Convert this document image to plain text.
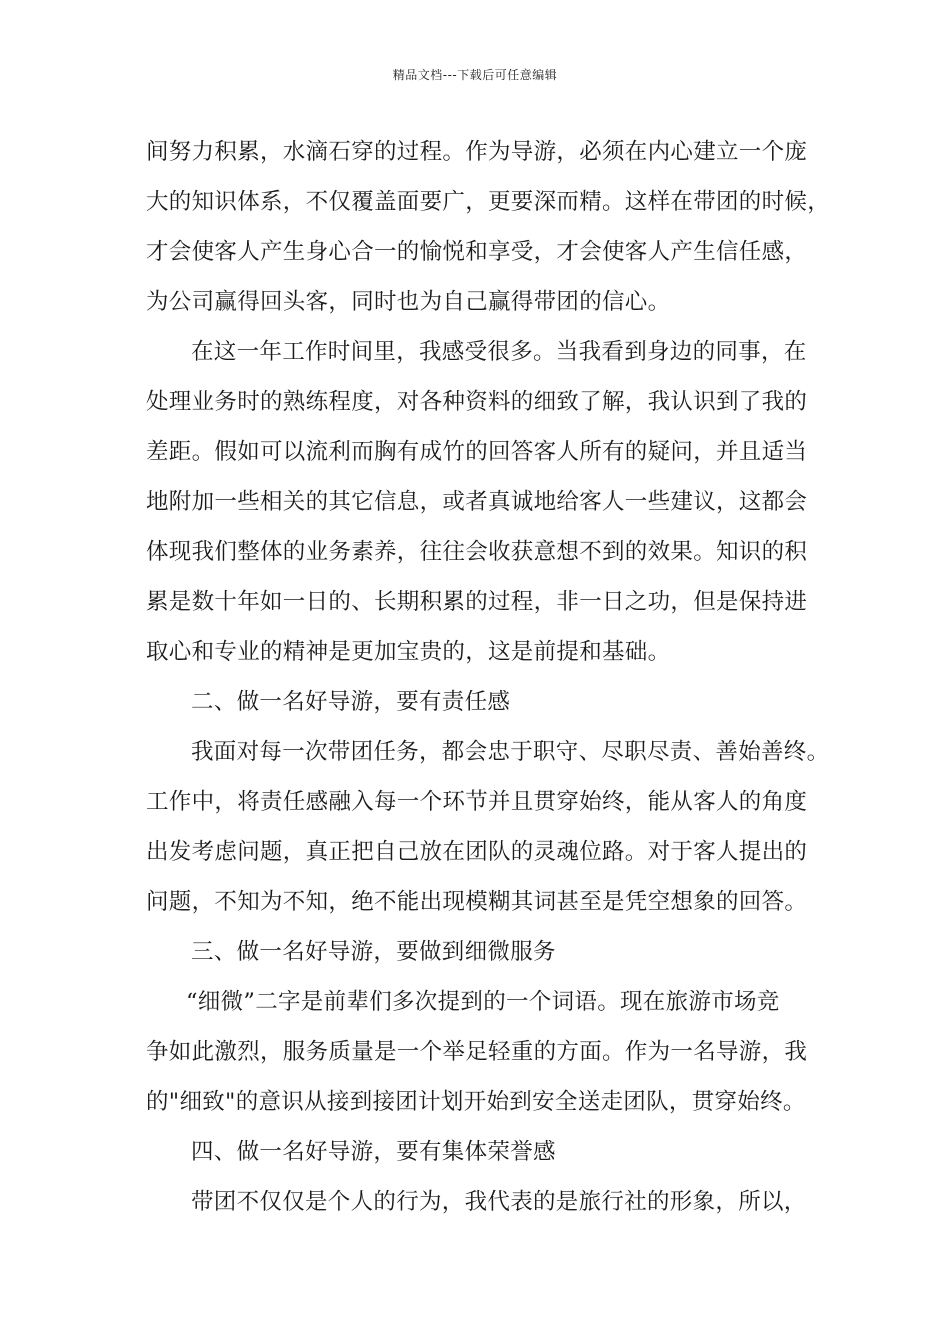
精品文档---下载后可任意编辑
间努力积累，水滴石穿的过程。作为导游，必须在内心建立一个庞
大的知识体系，不仅覆盖面要广，更要深而精。这样在带团的时候，
才会使客人产生身心合一的愉悦和享受，才会使客人产生信任感，
为公司赢得回头客，同时也为自己赢得带团的信心。
在这一年工作时间里，我感受很多。当我看到身边的同事，在
处理业务时的熟练程度，对各种资料的细致了解，我认识到了我的
差距。假如可以流利而胸有成竹的回答客人所有的疑问，并且适当
地附加一些相关的其它信息，或者真诚地给客人一些建议，这都会
体现我们整体的业务素养，往往会收获意想不到的效果。知识的积
累是数十年如一日的、长期积累的过程，非一日之功，但是保持进
取心和专业的精神是更加宝贵的，这是前提和基础。
二、做一名好导游，要有责任感
我面对每一次带团任务，都会忠于职守、尽职尽责、善始善终。
工作中，将责任感融入每一个环节并且贯穿始终，能从客人的角度
出发考虑问题，真正把自己放在团队的灵魂位路。对于客人提出的
问题，不知为不知，绝不能出现模糊其词甚至是凭空想象的回答。
三、做一名好导游，要做到细微服务
“细微”二字是前辈们多次提到的一个词语。现在旅游市场竞
争如此激烈，服务质量是一个举足轻重的方面。作为一名导游，我
的"细致"的意识从接到接团计划开始到安全送走团队，贯穿始终。
四、做一名好导游，要有集体荣誉感
带团不仅仅是个人的行为，我代表的是旅行社的形象，所以，
